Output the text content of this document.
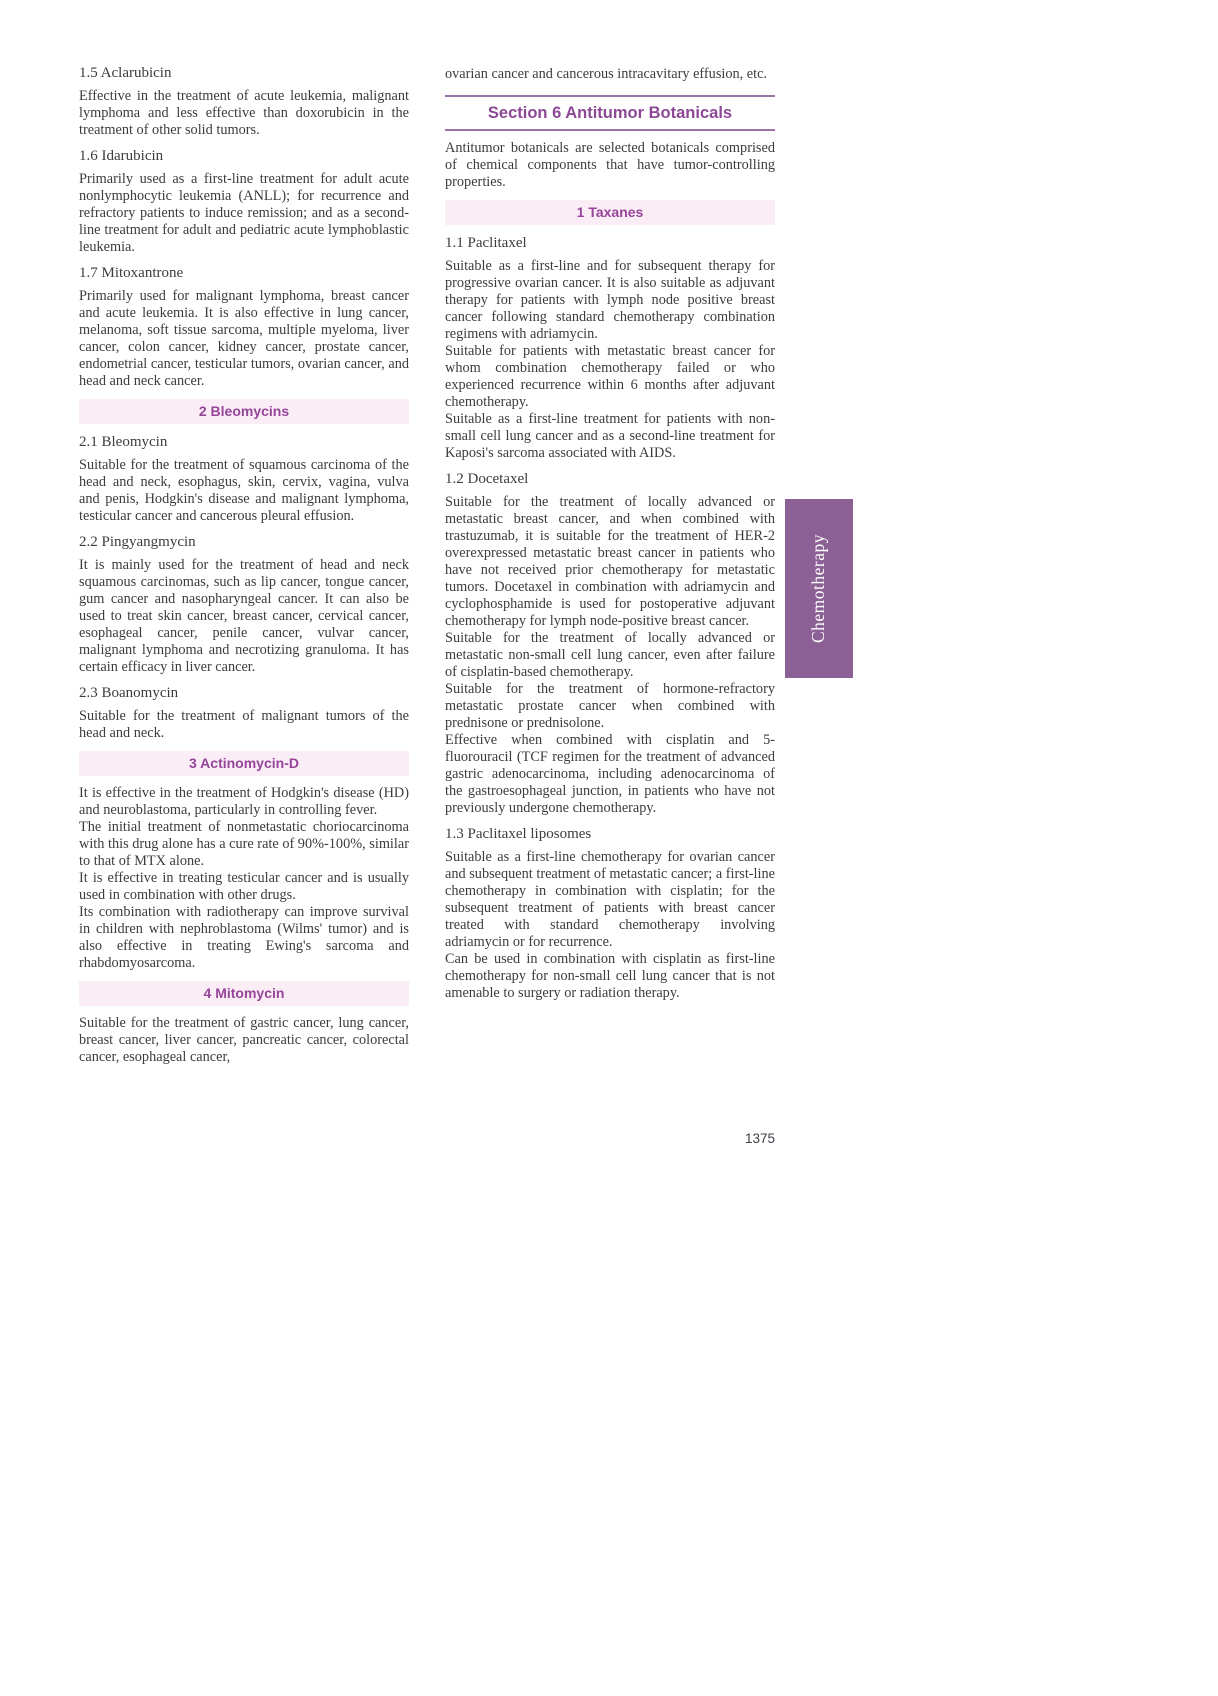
1.5 Aclarubicin

Effective in the treatment of acute leukemia, malignant lymphoma and less effective than doxorubicin in the treatment of other solid tumors.

1.6 Idarubicin

Primarily used as a first-line treatment for adult acute nonlymphocytic leukemia (ANLL); for recurrence and refractory patients to induce remission; and as a second-line treatment for adult and pediatric acute lymphoblastic leukemia.

1.7 Mitoxantrone

Primarily used for malignant lymphoma, breast cancer and acute leukemia. It is also effective in lung cancer, melanoma, soft tissue sarcoma, multiple myeloma, liver cancer, colon cancer, kidney cancer, prostate cancer, endometrial cancer, testicular tumors, ovarian cancer, and head and neck cancer.

2 Bleomycins
2.1 Bleomycin

Suitable for the treatment of squamous carcinoma of the head and neck, esophagus, skin, cervix, vagina, vulva and penis, Hodgkin's disease and malignant lymphoma, testicular cancer and cancerous pleural effusion.

2.2 Pingyangmycin

It is mainly used for the treatment of head and neck squamous carcinomas, such as lip cancer, tongue cancer, gum cancer and nasopharyngeal cancer. It can also be used to treat skin cancer, breast cancer, cervical cancer, esophageal cancer, penile cancer, vulvar cancer, malignant lymphoma and necrotizing granuloma. It has certain efficacy in liver cancer.

2.3 Boanomycin

Suitable for the treatment of malignant tumors of the head and neck.

3 Actinomycin-D

It is effective in the treatment of Hodgkin's disease (HD) and neuroblastoma, particularly in controlling fever.

The initial treatment of nonmetastatic choriocarcinoma with this drug alone has a cure rate of 90%-100%, similar to that of MTX alone.

It is effective in treating testicular cancer and is usually used in combination with other drugs.

Its combination with radiotherapy can improve survival in children with nephroblastoma (Wilms' tumor) and is also effective in treating Ewing's sarcoma and rhabdomyosarcoma.

4 Mitomycin

Suitable for the treatment of gastric cancer, lung cancer, breast cancer, liver cancer, pancreatic cancer, colorectal cancer, esophageal cancer,

ovarian cancer and cancerous intracavitary effusion, etc.

Section 6 Antitumor Botanicals

Antitumor botanicals are selected botanicals comprised of chemical components that have tumor-controlling properties.

1 Taxanes
1.1 Paclitaxel

Suitable as a first-line and for subsequent therapy for progressive ovarian cancer. It is also suitable as adjuvant therapy for patients with lymph node positive breast cancer following standard chemotherapy combination regimens with adriamycin.

Suitable for patients with metastatic breast cancer for whom combination chemotherapy failed or who experienced recurrence within 6 months after adjuvant chemotherapy.

Suitable as a first-line treatment for patients with non-small cell lung cancer and as a second-line treatment for Kaposi's sarcoma associated with AIDS.

1.2 Docetaxel

Suitable for the treatment of locally advanced or metastatic breast cancer, and when combined with trastuzumab, it is suitable for the treatment of HER-2 overexpressed metastatic breast cancer in patients who have not received prior chemotherapy for metastatic tumors. Docetaxel in combination with adriamycin and cyclophosphamide is used for postoperative adjuvant chemotherapy for lymph node-positive breast cancer.

Suitable for the treatment of locally advanced or metastatic non-small cell lung cancer, even after failure of cisplatin-based chemotherapy.

Suitable for the treatment of hormone-refractory metastatic prostate cancer when combined with prednisone or prednisolone.

Effective when combined with cisplatin and 5-fluorouracil (TCF regimen for the treatment of advanced gastric adenocarcinoma, including adenocarcinoma of the gastroesophageal junction, in patients who have not previously undergone chemotherapy.

1.3 Paclitaxel liposomes

Suitable as a first-line chemotherapy for ovarian cancer and subsequent treatment of metastatic cancer; a first-line chemotherapy in combination with cisplatin; for the subsequent treatment of patients with breast cancer treated with standard chemotherapy involving adriamycin or for recurrence.

Can be used in combination with cisplatin as first-line chemotherapy for non-small cell lung cancer that is not amenable to surgery or radiation therapy.

Chemotherapy
1375
